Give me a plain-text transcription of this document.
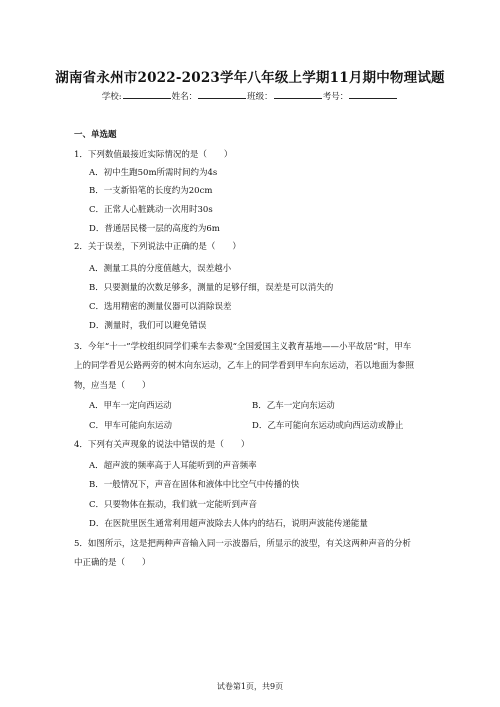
湖南省永州市2022-2023学年八年级上学期11月期中物理试题
学校:	姓名：	班级：	考号：
一、单选题
1．下列数值最接近实际情况的是（　　）
A．初中生跑50m所需时间约为4s
B．一支新铅笔的长度约为20cm
C．正常人心脏跳动一次用时30s
D．普通居民楼一层的高度约为6m
2．关于误差，下列说法中正确的是（　　）
A．测量工具的分度值越大，误差越小
B．只要测量的次数足够多，测量的足够仔细，误差是可以消失的
C．选用精密的测量仪器可以消除误差
D．测量时，我们可以避免错误
3．今年“十一”学校组织同学们乘车去参观“全国爱国主义教育基地——小平故居”时，甲车
上的同学看见公路两旁的树木向东运动，乙车上的同学看到甲车向东运动，若以地面为参照
物，应当是（　　）
A．甲车一定向西运动	B．乙车一定向东运动
C．甲车可能向东运动	D．乙车可能向东运动或向西运动或静止
4．下列有关声现象的说法中错误的是（　　）
A．超声波的频率高于人耳能听到的声音频率
B．一般情况下，声音在固体和液体中比空气中传播的快
C．只要物体在振动，我们就一定能听到声音
D．在医院里医生通常利用超声波除去人体内的结石，说明声波能传递能量
5．如图所示，这是把两种声音输入同一示波器后，所显示的波型，有关这两种声音的分析
中正确的是（　　）
试卷第1页，共9页
